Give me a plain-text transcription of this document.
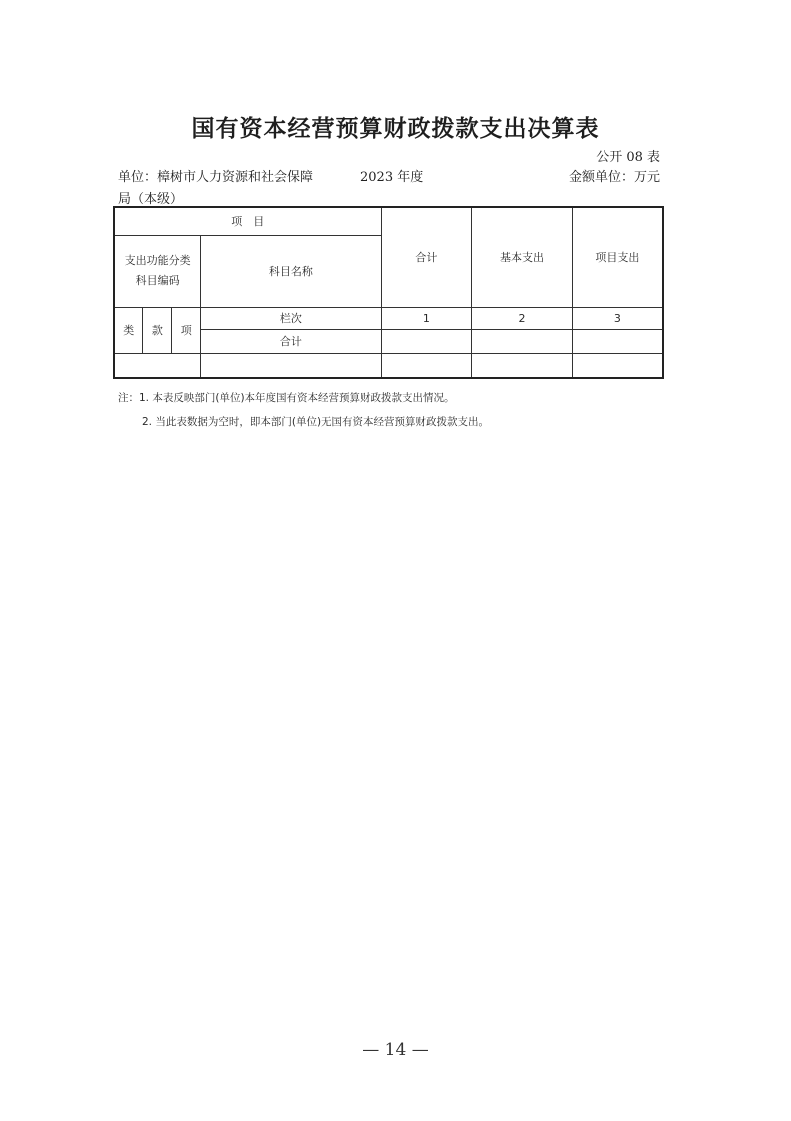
国有资本经营预算财政拨款支出决算表
公开 08 表
单位：樟树市人力资源和社会保障局（本级）
2023 年度	金额单位：万元
项　目				合计	基本支出	项目支出
支出功能分类科目编码			科目名称			
类	款	项	栏次	1	2	3
			合计			

注：1. 本表反映部门(单位)本年度国有资本经营预算财政拨款支出情况。
2. 当此表数据为空时，即本部门(单位)无国有资本经营预算财政拨款支出。
— 14 —
